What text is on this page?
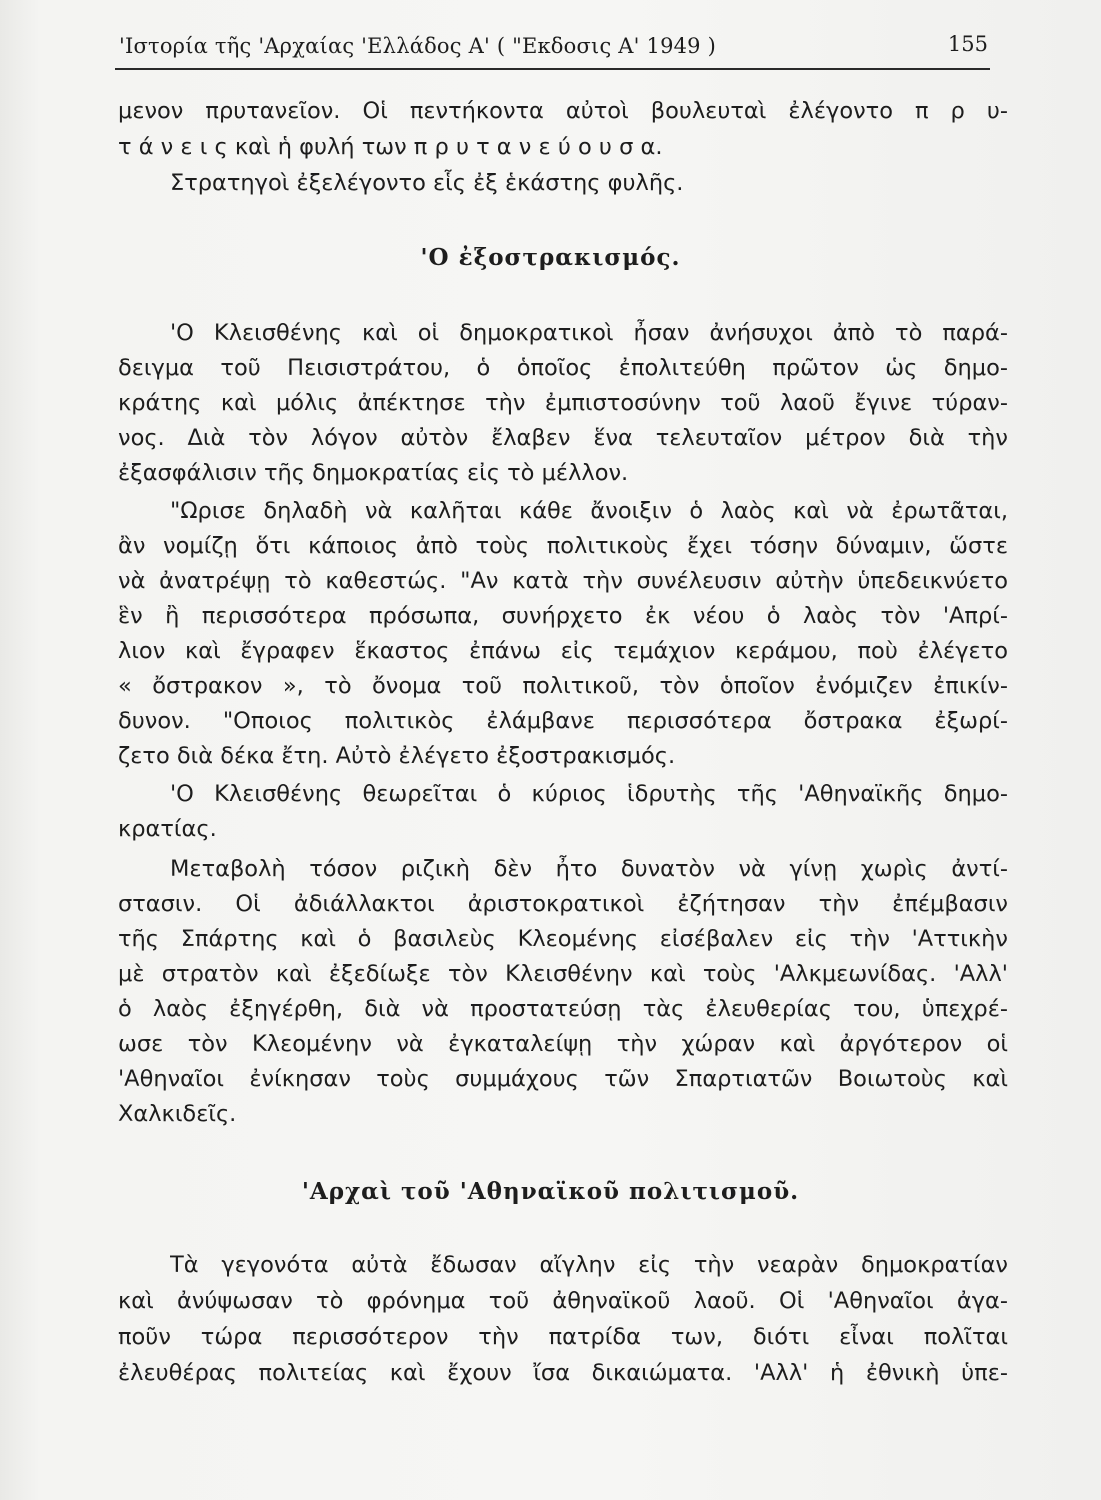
'Ιστορία τῆς 'Αρχαίας 'Ελλάδος Α' ( "Εκδοσις Α' 1949 )	155
μενον πρυτανεῖον. Οἱ πεντήκοντα αὐτοὶ βουλευταὶ ἐλέγοντο π ρ υ-
τ ά ν ε ι ς καὶ ἡ φυλή των π ρ υ τ α ν ε ύ ο υ σ α.
Στρατηγοὶ ἐξελέγοντο εἷς ἐξ ἑκάστης φυλῆς.
'Ο ἐξοστρακισμός.
'Ο Κλεισθένης καὶ οἱ δημοκρατικοὶ ἦσαν ἀνήσυχοι ἀπὸ τὸ παρά-
δειγμα τοῦ Πεισιστράτου, ὁ ὁποῖος ἐπολιτεύθη πρῶτον ὡς δημο-
κράτης καὶ μόλις ἀπέκτησε τὴν ἐμπιστοσύνην τοῦ λαοῦ ἔγινε τύραν-
νος. Διὰ τὸν λόγον αὐτὸν ἔλαβεν ἕνα τελευταῖον μέτρον διὰ τὴν
ἐξασφάλισιν τῆς δημοκρατίας εἰς τὸ μέλλον.
"Ωρισε δηλαδὴ νὰ καλῆται κάθε ἄνοιξιν ὁ λαὸς καὶ νὰ ἐρωτᾶται,
ἂν νομίζῃ ὅτι κάποιος ἀπὸ τοὺς πολιτικοὺς ἔχει τόσην δύναμιν, ὥστε
νὰ ἀνατρέψῃ τὸ καθεστώς. "Αν κατὰ τὴν συνέλευσιν αὐτὴν ὑπεδεικνύετο
ἓν ἢ περισσότερα πρόσωπα, συνήρχετο ἐκ νέου ὁ λαὸς τὸν 'Απρί-
λιον καὶ ἔγραφεν ἕκαστος ἐπάνω εἰς τεμάχιον κεράμου, ποὺ ἐλέγετο
« ὄστρακον », τὸ ὄνομα τοῦ πολιτικοῦ, τὸν ὁποῖον ἐνόμιζεν ἐπικίν-
δυνον. "Οποιος πολιτικὸς ἐλάμβανε περισσότερα ὄστρακα ἐξωρί-
ζετο διὰ δέκα ἔτη. Αὐτὸ ἐλέγετο ἐξοστρακισμός.
'Ο Κλεισθένης θεωρεῖται ὁ κύριος ἱδρυτὴς τῆς 'Αθηναϊκῆς δημο-
κρατίας.
Μεταβολὴ τόσον ριζικὴ δὲν ἦτο δυνατὸν νὰ γίνῃ χωρὶς ἀντί-
στασιν. Οἱ ἀδιάλλακτοι ἀριστοκρατικοὶ ἐζήτησαν τὴν ἐπέμβασιν
τῆς Σπάρτης καὶ ὁ βασιλεὺς Κλεομένης εἰσέβαλεν εἰς τὴν 'Αττικὴν
μὲ στρατὸν καὶ ἐξεδίωξε τὸν Κλεισθένην καὶ τοὺς 'Αλκμεωνίδας. 'Αλλ'
ὁ λαὸς ἐξηγέρθη, διὰ νὰ προστατεύσῃ τὰς ἐλευθερίας του, ὑπεχρέ-
ωσε τὸν Κλεομένην νὰ ἐγκαταλείψῃ τὴν χώραν καὶ ἀργότερον οἱ
'Αθηναῖοι ἐνίκησαν τοὺς συμμάχους τῶν Σπαρτιατῶν Βοιωτοὺς καὶ
Χαλκιδεῖς.
'Αρχαὶ τοῦ 'Αθηναϊκοῦ πολιτισμοῦ.
Τὰ γεγονότα αὐτὰ ἔδωσαν αἴγλην εἰς τὴν νεαρὰν δημοκρατίαν
καὶ ἀνύψωσαν τὸ φρόνημα τοῦ ἀθηναϊκοῦ λαοῦ. Οἱ 'Αθηναῖοι ἀγα-
ποῦν τώρα περισσότερον τὴν πατρίδα των, διότι εἶναι πολῖται
ἐλευθέρας πολιτείας καὶ ἔχουν ἴσα δικαιώματα. 'Αλλ' ἡ ἐθνικὴ ὑπε-
